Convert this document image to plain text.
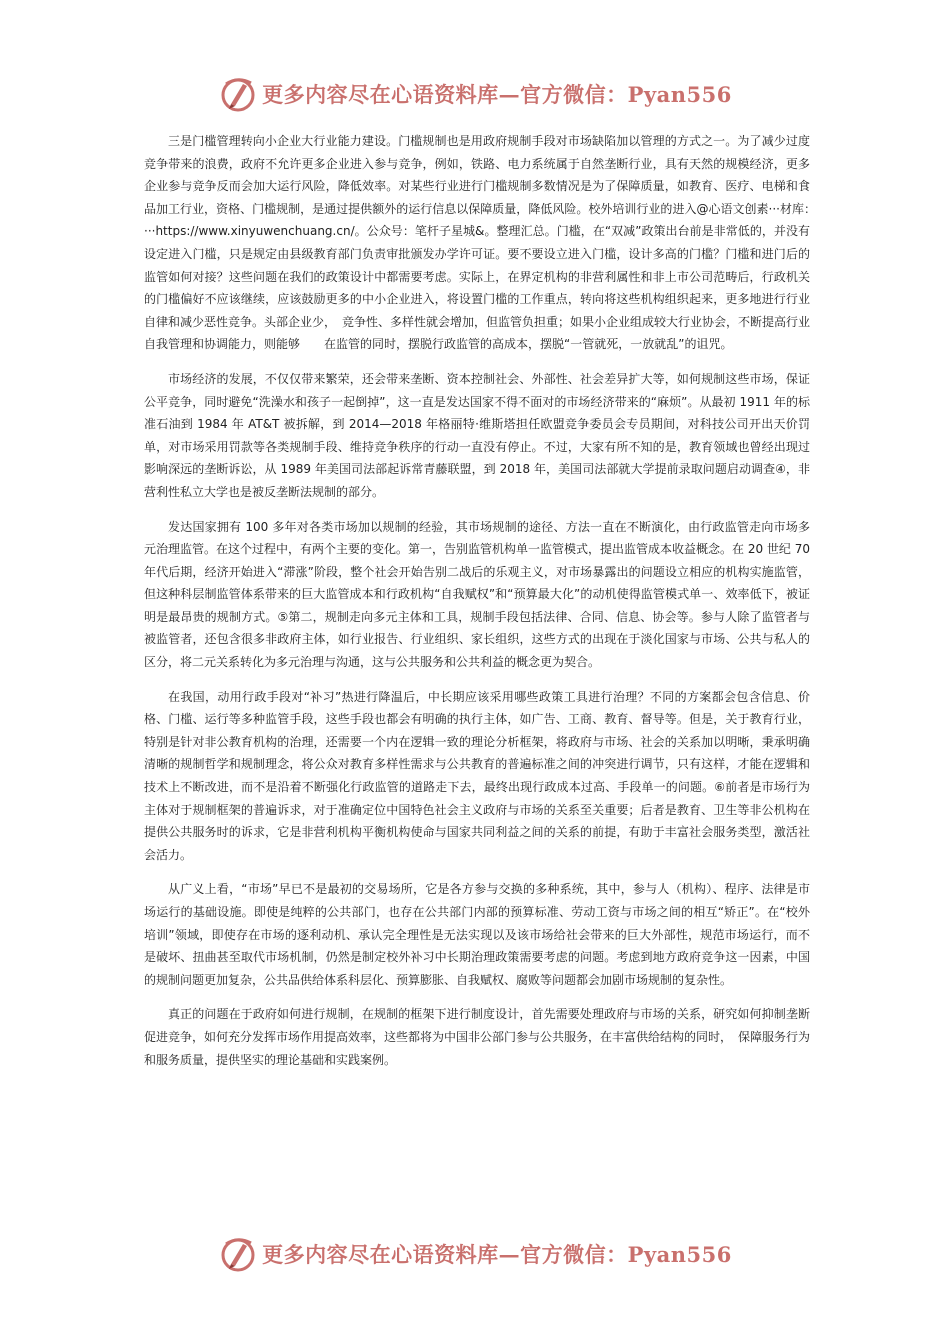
更多内容尽在心语资料库—官方微信：Pyan556

三是门槛管理转向小企业大行业能力建设。门槛规制也是用政府规制手段对市场缺陷加以管理的方式之一。为了减少过度竞争带来的浪费，政府不允许更多企业进入参与竞争，例如，铁路、电力系统属于自然垄断行业，具有天然的规模经济，更多企业参与竞争反而会加大运行风险，降低效率。对某些行业进行门槛规制多数情况是为了保障质量，如教育、医疗、电梯和食品加工行业，资格、门槛规制，是通过提供额外的运行信息以保障质量，降低风险。校外培训行业的进入@心语文创素···材库：···https://www.xinyuwenchuang.cn/。公众号：笔杆子星城&。整理汇总。门槛，在“双减”政策出台前是非常低的，并没有设定进入门槛，只是规定由县级教育部门负责审批颁发办学许可证。要不要设立进入门槛，设计多高的门槛？门槛和进门后的监管如何对接？这些问题在我们的政策设计中都需要考虑。实际上，在界定机构的非营利属性和非上市公司范畴后，行政机关的门槛偏好不应该继续，应该鼓励更多的中小企业进入，将设置门槛的工作重点，转向将这些机构组织起来，更多地进行行业自律和减少恶性竞争。头部企业少，　竞争性、多样性就会增加，但监管负担重；如果小企业组成较大行业协会，不断提高行业自我管理和协调能力，则能够　　在监管的同时，摆脱行政监管的高成本，摆脱“一管就死，一放就乱”的诅咒。

市场经济的发展，不仅仅带来繁荣，还会带来垄断、资本控制社会、外部性、社会差异扩大等，如何规制这些市场，保证公平竞争，同时避免“洗澡水和孩子一起倒掉”，这一直是发达国家不得不面对的市场经济带来的“麻烦”。从最初 1911 年的标准石油到 1984 年 AT&T 被拆解，到 2014—2018 年格丽特·维斯塔担任欧盟竞争委员会专员期间，对科技公司开出天价罚单，对市场采用罚款等各类规制手段、维持竞争秩序的行动一直没有停止。不过，大家有所不知的是，教育领域也曾经出现过影响深远的垄断诉讼，从 1989 年美国司法部起诉常青藤联盟，到 2018 年，美国司法部就大学提前录取问题启动调查④，非营利性私立大学也是被反垄断法规制的部分。

发达国家拥有 100 多年对各类市场加以规制的经验，其市场规制的途径、方法一直在不断演化，由行政监管走向市场多元治理监管。在这个过程中，有两个主要的变化。第一，告别监管机构单一监管模式，提出监管成本收益概念。在 20 世纪 70 年代后期，经济开始进入“滞涨”阶段，整个社会开始告别二战后的乐观主义，对市场暴露出的问题设立相应的机构实施监管，但这种科层制监管体系带来的巨大监管成本和行政机构“自我赋权”和“预算最大化”的动机使得监管模式单一、效率低下，被证明是最昂贵的规制方式。⑤第二，规制走向多元主体和工具，规制手段包括法律、合同、信息、协会等。参与人除了监管者与被监管者，还包含很多非政府主体，如行业报告、行业组织、家长组织，这些方式的出现在于淡化国家与市场、公共与私人的区分，将二元关系转化为多元治理与沟通，这与公共服务和公共利益的概念更为契合。

在我国，动用行政手段对“补习”热进行降温后，中长期应该采用哪些政策工具进行治理？不同的方案都会包含信息、价格、门槛、运行等多种监管手段，这些手段也都会有明确的执行主体，如广告、工商、教育、督导等。但是，关于教育行业，特别是针对非公教育机构的治理，还需要一个内在逻辑一致的理论分析框架，将政府与市场、社会的关系加以明晰，秉承明确清晰的规制哲学和规制理念，将公众对教育多样性需求与公共教育的普遍标准之间的冲突进行调节，只有这样，才能在逻辑和技术上不断改进，而不是沿着不断强化行政监管的道路走下去，最终出现行政成本过高、手段单一的问题。⑥前者是市场行为主体对于规制框架的普遍诉求，对于准确定位中国特色社会主义政府与市场的关系至关重要；后者是教育、卫生等非公机构在提供公共服务时的诉求，它是非营利机构平衡机构使命与国家共同利益之间的关系的前提，有助于丰富社会服务类型，激活社会活力。

从广义上看，“市场”早已不是最初的交易场所，它是各方参与交换的多种系统，其中，参与人（机构）、程序、法律是市场运行的基础设施。即使是纯粹的公共部门，也存在公共部门内部的预算标准、劳动工资与市场之间的相互“矫正”。在“校外培训”领域，即使存在市场的逐利动机、承认完全理性是无法实现以及该市场给社会带来的巨大外部性，规范市场运行，而不是破坏、扭曲甚至取代市场机制，仍然是制定校外补习中长期治理政策需要考虑的问题。考虑到地方政府竞争这一因素，中国的规制问题更加复杂，公共品供给体系科层化、预算膨胀、自我赋权、腐败等问题都会加剧市场规制的复杂性。

真正的问题在于政府如何进行规制，在规制的框架下进行制度设计，首先需要处理政府与市场的关系，研究如何抑制垄断促进竞争，如何充分发挥市场作用提高效率，这些都将为中国非公部门参与公共服务，在丰富供给结构的同时，　保障服务行为和服务质量，提供坚实的理论基础和实践案例。

更多内容尽在心语资料库—官方微信：Pyan556
